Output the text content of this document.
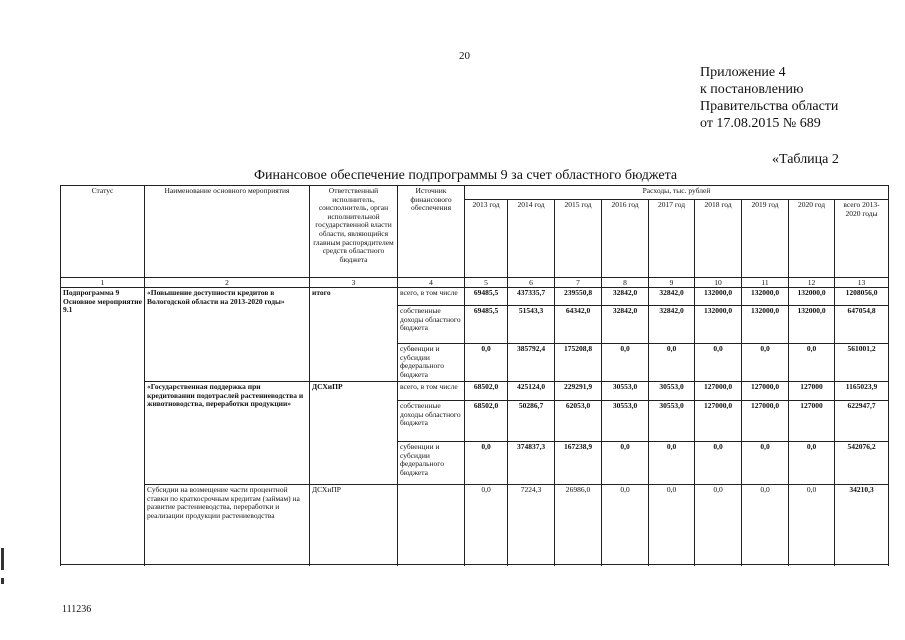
20
Приложение 4
к постановлению
Правительства области
от 17.08.2015 № 689
«Таблица 2
Финансовое обеспечение подпрограммы 9 за счет областного бюджета
Статус	Наименование основного мероприятия	Ответственный исполнитель, соисполнитель, орган исполнительной государственной власти области, являющийся главным распорядителем средств областного бюджета	Источник финансового обеспечения	Расходы, тыс. рублей								
				2013 год	2014 год	2015 год	2016 год	2017 год	2018 год	2019 год	2020 год	всего 2013-2020 годы
1	2	3	4	5	6	7	8	9	10	11	12	13

Подпрограмма 9
Основное мероприятие 9.1	«Повышение доступности кредитов в Вологодской области на 2013-2020 годы»	итого	всего, в том числе	69485,5	437335,7	239550,8	32842,0	32842,0	132000,0	132000,0	132000,0	1208056,0
			собственные доходы областного бюджета	69485,5	51543,3	64342,0	32842,0	32842,0	132000,0	132000,0	132000,0	647054,8
			субвенции и субсидии федерального бюджета	0,0	385792,4	175208,8	0,0	0,0	0,0	0,0	0,0	561001,2
	«Государственная поддержка при кредитовании подотраслей растениеводства и животноводства, переработки продукции»	ДСХиПР	всего, в том числе	68502,0	425124,0	229291,9	30553,0	30553,0	127000,0	127000,0	127000	1165023,9
			собственные доходы областного бюджета	68502,0	50286,7	62053,0	30553,0	30553,0	127000,0	127000,0	127000	622947,7
			субвенции и субсидии федерального бюджета	0,0	374837,3	167238,9	0,0	0,0	0,0	0,0	0,0	542076,2
	Субсидии на возмещение части процентной ставки по краткосрочным кредитам (займам) на развитие растениеводства, переработки и реализации продукции растениеводства	ДСХиПР		0,0	7224,3	26986,0	0,0	0,0	0,0	0,0	0,0	34210,3

111236
